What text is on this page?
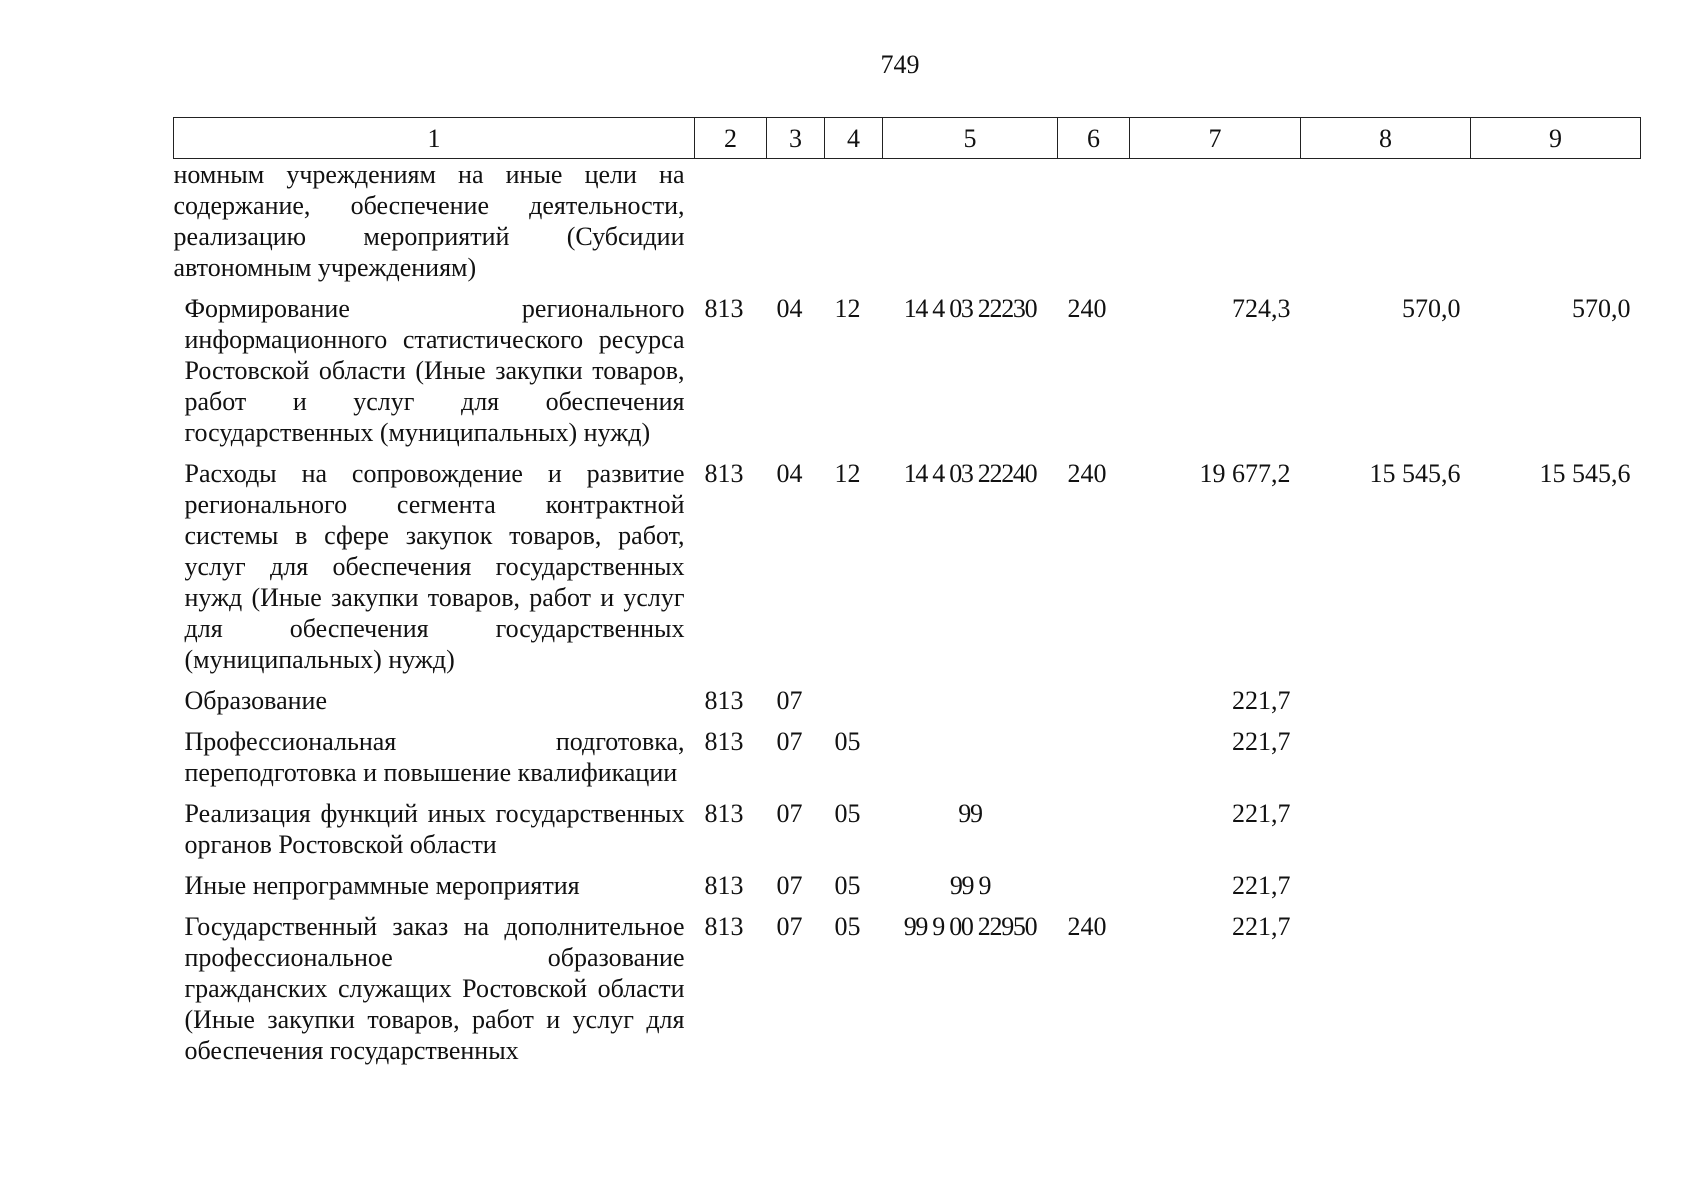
749
1	2	3	4	5	6	7	8	9
номным учреждениям на иные цели на содержание, обеспечение деятельности, реализацию мероприятий (Субсидии автономным учреждениям)								
Формирование регионального информационного статистического ресурса Ростовской области (Иные закупки товаров, работ и услуг для обеспечения государственных (муниципальных) нужд)	813	04	12	14 4 03 22230	240	724,3	570,0	570,0
Расходы на сопровождение и развитие регионального сегмента контрактной системы в сфере закупок товаров, работ, услуг для обеспечения государственных нужд (Иные закупки товаров, работ и услуг для обеспечения государственных (муниципальных) нужд)	813	04	12	14 4 03 22240	240	19 677,2	15 545,6	15 545,6
Образование	813	07				221,7		
Профессиональная подготовка, переподготовка и повышение квалификации	813	07	05			221,7		
Реализация функций иных государственных органов Ростовской области	813	07	05	99		221,7		
Иные непрограммные мероприятия	813	07	05	99 9		221,7		
Государственный заказ на дополнительное профессиональное образование гражданских служащих Ростовской области (Иные закупки товаров, работ и услуг для обеспечения государственных	813	07	05	99 9 00 22950	240	221,7		
